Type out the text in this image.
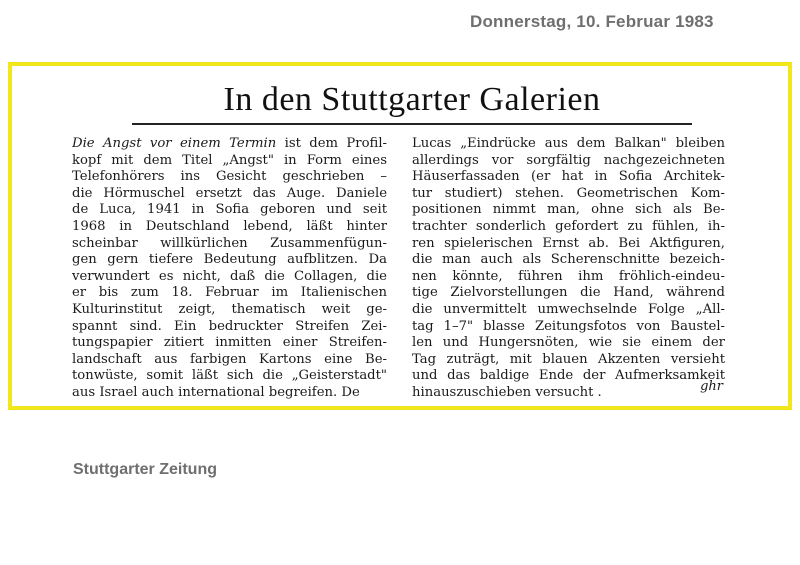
Donnerstag, 10. Februar 1983
In den Stuttgarter Galerien
Die Angst vor einem Termin ist dem Profil-
kopf mit dem Titel „Angst" in Form eines
Telefonhörers ins Gesicht geschrieben –
die Hörmuschel ersetzt das Auge. Daniele
de Luca, 1941 in Sofia geboren und seit
1968 in Deutschland lebend, läßt hinter
scheinbar willkürlichen Zusammenfügun-
gen gern tiefere Bedeutung aufblitzen. Da
verwundert es nicht, daß die Collagen, die
er bis zum 18. Februar im Italienischen
Kulturinstitut zeigt, thematisch weit ge-
spannt sind. Ein bedruckter Streifen Zei-
tungspapier zitiert inmitten einer Streifen-
landschaft aus farbigen Kartons eine Be-
tonwüste, somit läßt sich die „Geisterstadt"
aus Israel auch international begreifen. De
Lucas „Eindrücke aus dem Balkan" bleiben
allerdings vor sorgfältig nachgezeichneten
Häuserfassaden (er hat in Sofia Architek-
tur studiert) stehen. Geometrischen Kom-
positionen nimmt man, ohne sich als Be-
trachter sonderlich gefordert zu fühlen, ih-
ren spielerischen Ernst ab. Bei Aktfiguren,
die man auch als Scherenschnitte bezeich-
nen könnte, führen ihm fröhlich-eindeu-
tige Zielvorstellungen die Hand, während
die unvermittelt umwechselnde Folge „All-
tag 1–7" blasse Zeitungsfotos von Baustel-
len und Hungersnöten, wie sie einem der
Tag zuträgt, mit blauen Akzenten versieht
und das baldige Ende der Aufmerksamkeit
hinauszuschieben versucht .	ghr
Stuttgarter Zeitung
